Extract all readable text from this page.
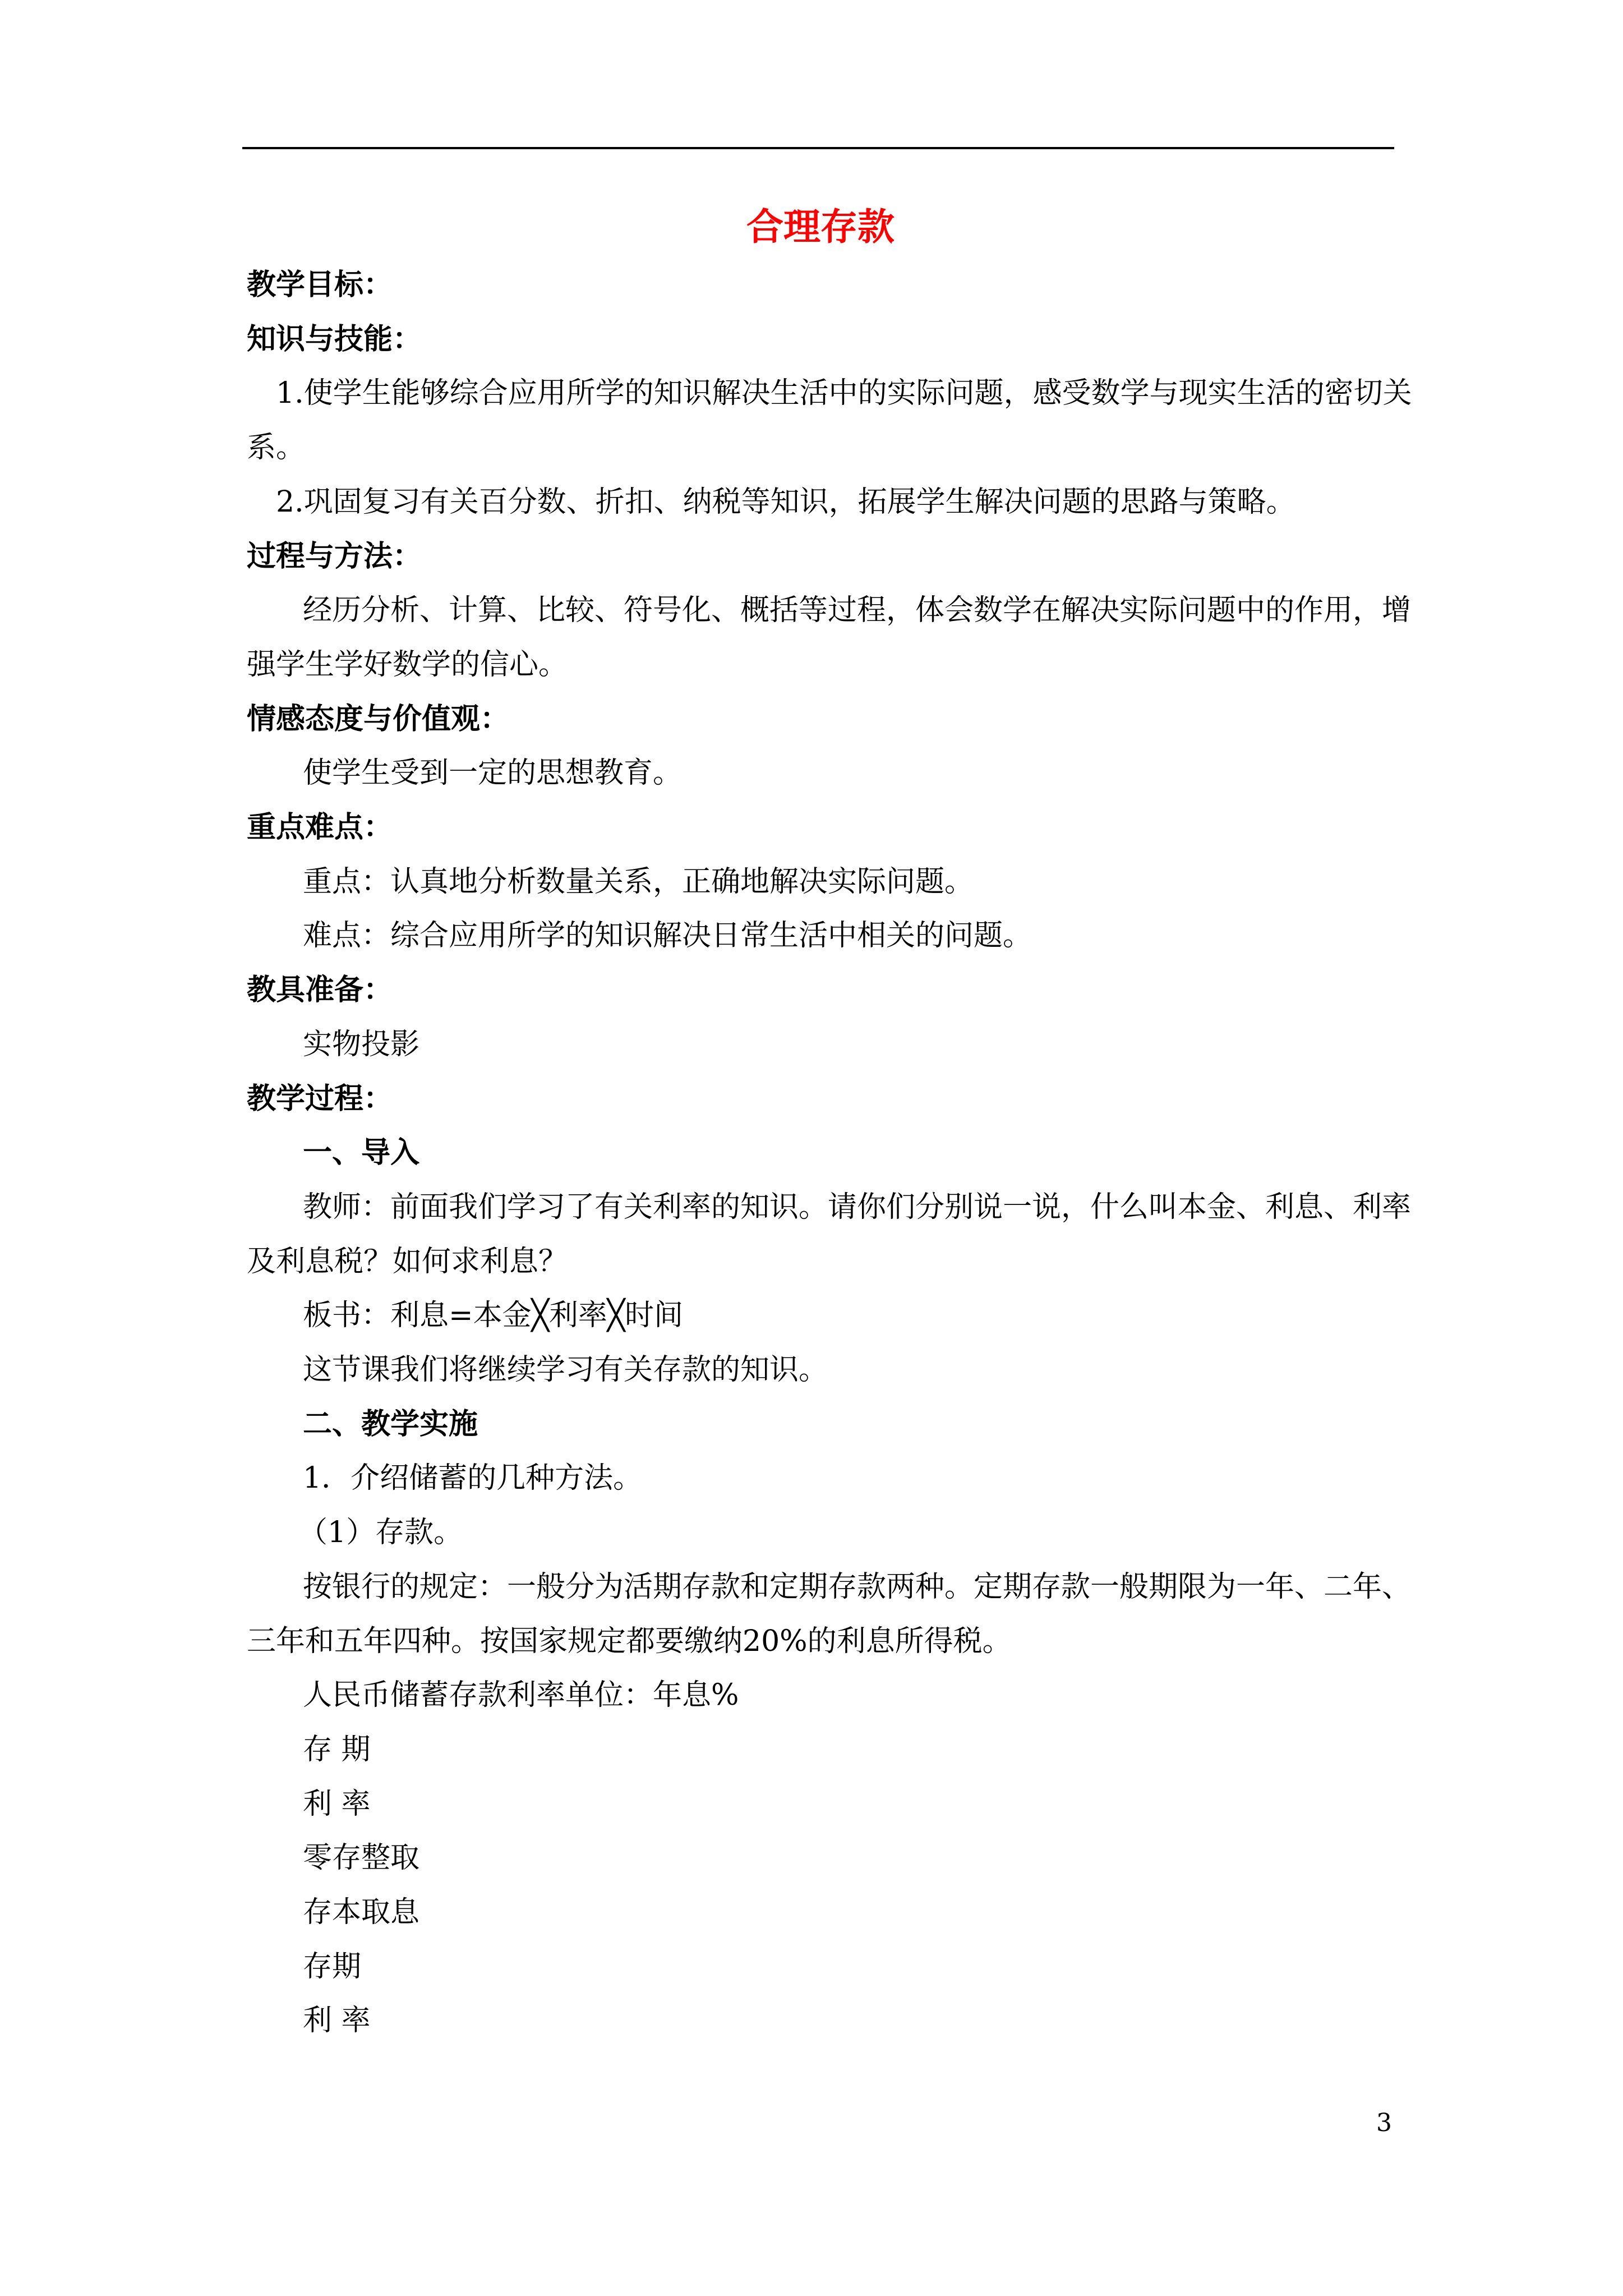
合理存款
教学目标：
知识与技能：
1.使学生能够综合应用所学的知识解决生活中的实际问题，感受数学与现实生活的密切关
系。
2.巩固复习有关百分数、折扣、纳税等知识，拓展学生解决问题的思路与策略。
过程与方法：
经历分析、计算、比较、符号化、概括等过程，体会数学在解决实际问题中的作用，增
强学生学好数学的信心。
情感态度与价值观：
使学生受到一定的思想教育。
重点难点：
重点：认真地分析数量关系，正确地解决实际问题。
难点：综合应用所学的知识解决日常生活中相关的问题。
教具准备：
实物投影
教学过程：
一、导入
教师：前面我们学习了有关利率的知识。请你们分别说一说，什么叫本金、利息、利率
及利息税？如何求利息？
板书：利息=本金╳利率╳时间
这节课我们将继续学习有关存款的知识。
二、教学实施
1．介绍储蓄的几种方法。
（1）存款。
按银行的规定：一般分为活期存款和定期存款两种。定期存款一般期限为一年、二年、
三年和五年四种。按国家规定都要缴纳20%的利息所得税。
人民币储蓄存款利率单位：年息%
存 期
利 率
零存整取
存本取息
存期
利 率
3
